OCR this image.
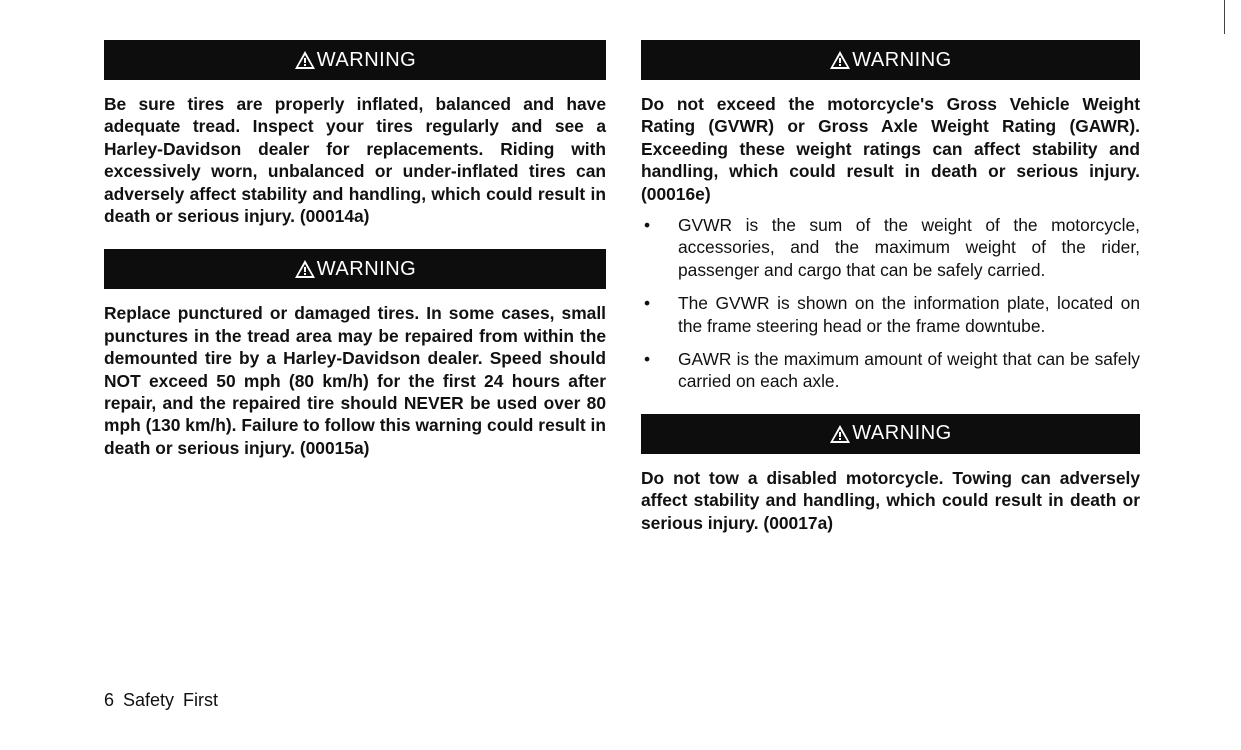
WARNING

Be sure tires are properly inflated, balanced and have adequate tread. Inspect your tires regularly and see a Harley-Davidson dealer for replacements. Riding with excessively worn, unbalanced or under-inflated tires can adversely affect stability and handling, which could result in death or serious injury. (00014a)

WARNING

Replace punctured or damaged tires. In some cases, small punctures in the tread area may be repaired from within the demounted tire by a Harley-Davidson dealer. Speed should NOT exceed 50 mph (80 km/h) for the first 24 hours after repair, and the repaired tire should NEVER be used over 80 mph (130 km/h). Failure to follow this warning could result in death or serious injury. (00015a)

WARNING

Do not exceed the motorcycle's Gross Vehicle Weight Rating (GVWR) or Gross Axle Weight Rating (GAWR). Exceeding these weight ratings can affect stability and handling, which could result in death or serious injury. (00016e)

• GVWR is the sum of the weight of the motorcycle, accessories, and the maximum weight of the rider, passenger and cargo that can be safely carried.
• The GVWR is shown on the information plate, located on the frame steering head or the frame downtube.
• GAWR is the maximum amount of weight that can be safely carried on each axle.
WARNING

Do not tow a disabled motorcycle. Towing can adversely affect stability and handling, which could result in death or serious injury. (00017a)

6 Safety First
